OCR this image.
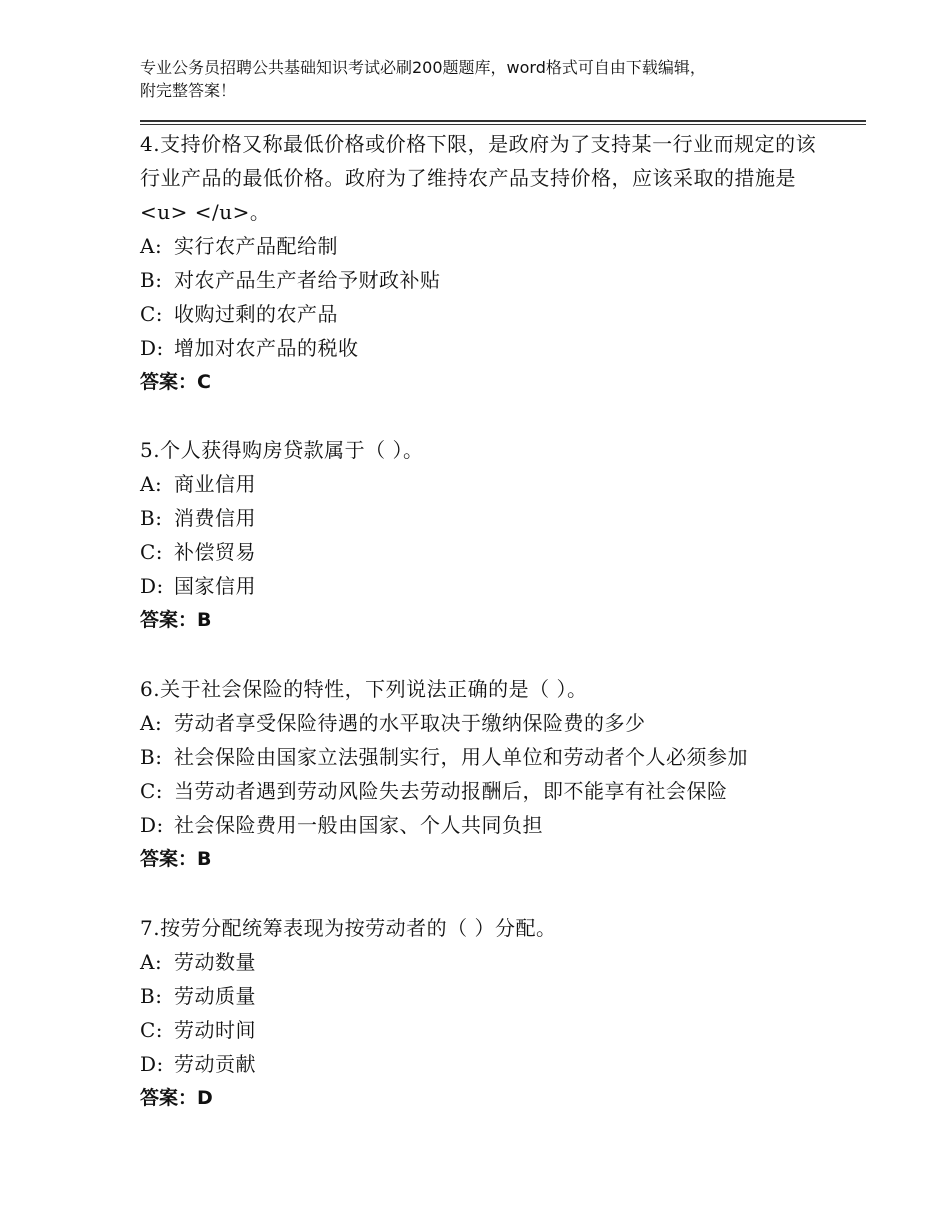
专业公务员招聘公共基础知识考试必刷200题题库，word格式可自由下载编辑，
附完整答案！
4.支持价格又称最低价格或价格下限，是政府为了支持某一行业而规定的该行业产品的最低价格。政府为了维持农产品支持价格，应该采取的措施是<u> </u>。
A: 实行农产品配给制
B: 对农产品生产者给予财政补贴
C: 收购过剩的农产品
D: 增加对农产品的税收
答案：C
5.个人获得购房贷款属于（ ）。
A: 商业信用
B: 消费信用
C: 补偿贸易
D: 国家信用
答案：B
6.关于社会保险的特性，下列说法正确的是（ ）。
A: 劳动者享受保险待遇的水平取决于缴纳保险费的多少
B: 社会保险由国家立法强制实行，用人单位和劳动者个人必须参加
C: 当劳动者遇到劳动风险失去劳动报酬后，即不能享有社会保险
D: 社会保险费用一般由国家、个人共同负担
答案：B
7.按劳分配统筹表现为按劳动者的（ ）分配。
A: 劳动数量
B: 劳动质量
C: 劳动时间
D: 劳动贡献
答案：D
